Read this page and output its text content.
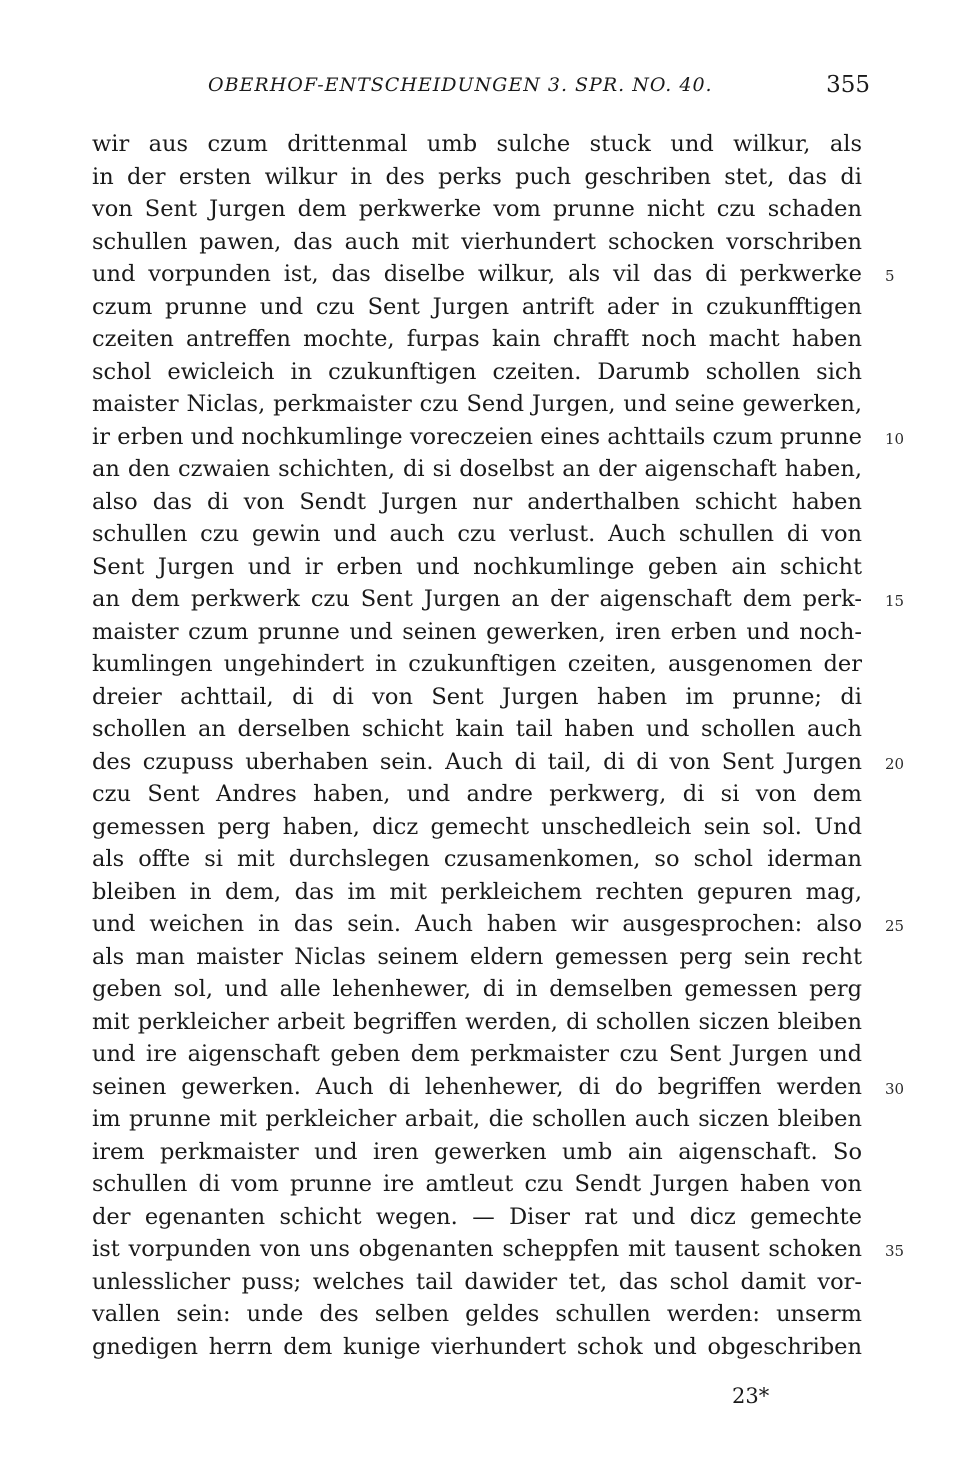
OBERHOF-ENTSCHEIDUNGEN 3. SPR. NO. 40.	355
wir aus czum drittenmal umb sulche stuck und wilkur, als
in der ersten wilkur in des perks puch geschriben stet, das di
von Sent Jurgen dem perkwerke vom prunne nicht czu schaden
schullen pawen, das auch mit vierhundert schocken vorschriben
und vorpunden ist, das diselbe wilkur, als vil das di perkwerke 5
czum prunne und czu Sent Jurgen antrift ader in czukunfftigen
czeiten antreffen mochte, furpas kain chrafft noch macht haben
schol ewicleich in czukunftigen czeiten. Darumb schollen sich
maister Niclas, perkmaister czu Send Jurgen, und seine gewerken,
ir erben und nochkumlinge voreczeien eines achttails czum prunne 10
an den czwaien schichten, di si doselbst an der aigenschaft haben,
also das di von Sendt Jurgen nur anderthalben schicht haben
schullen czu gewin und auch czu verlust. Auch schullen di von
Sent Jurgen und ir erben und nochkumlinge geben ain schicht
an dem perkwerk czu Sent Jurgen an der aigenschaft dem perk- 15
maister czum prunne und seinen gewerken, iren erben und noch-
kumlingen ungehindert in czukunftigen czeiten, ausgenomen der
dreier achttail, di di von Sent Jurgen haben im prunne; di
schollen an derselben schicht kain tail haben und schollen auch
des czupuss uberhaben sein. Auch di tail, di di von Sent Jurgen 20
czu Sent Andres haben, und andre perkwerg, di si von dem
gemessen perg haben, dicz gemecht unschedleich sein sol. Und
als offte si mit durchslegen czusamenkomen, so schol iderman
bleiben in dem, das im mit perkleichem rechten gepuren mag,
und weichen in das sein. Auch haben wir ausgesprochen: also 25
als man maister Niclas seinem eldern gemessen perg sein recht
geben sol, und alle lehenhewer, di in demselben gemessen perg
mit perkleicher arbeit begriffen werden, di schollen siczen bleiben
und ire aigenschaft geben dem perkmaister czu Sent Jurgen und
seinen gewerken. Auch di lehenhewer, di do begriffen werden 30
im prunne mit perkleicher arbait, die schollen auch siczen bleiben
irem perkmaister und iren gewerken umb ain aigenschaft. So
schullen di vom prunne ire amtleut czu Sendt Jurgen haben von
der egenanten schicht wegen. — Diser rat und dicz gemechte
ist vorpunden von uns obgenanten scheppfen mit tausent schoken 35
unlesslicher puss; welches tail dawider tet, das schol damit vor-
vallen sein: unde des selben geldes schullen werden: unserm
gnedigen herrn dem kunige vierhundert schok und obgeschriben
23*
